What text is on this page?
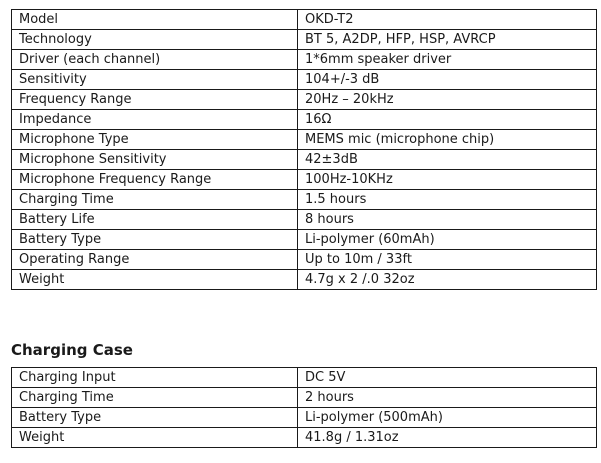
Model	OKD-T2
Technology	BT 5, A2DP, HFP, HSP, AVRCP
Driver (each channel)	1*6mm speaker driver
Sensitivity	104+/-3 dB
Frequency Range	20Hz – 20kHz
Impedance	16Ω
Microphone Type	MEMS mic (microphone chip)
Microphone Sensitivity	42±3dB
Microphone Frequency Range	100Hz-10KHz
Charging Time	1.5 hours
Battery Life	8 hours
Battery Type	Li-polymer (60mAh)
Operating Range	Up to 10m / 33ft
Weight	4.7g x 2 /.0 32oz
Charging Case
Charging Input	DC 5V
Charging Time	2 hours
Battery Type	Li-polymer (500mAh)
Weight	41.8g / 1.31oz
